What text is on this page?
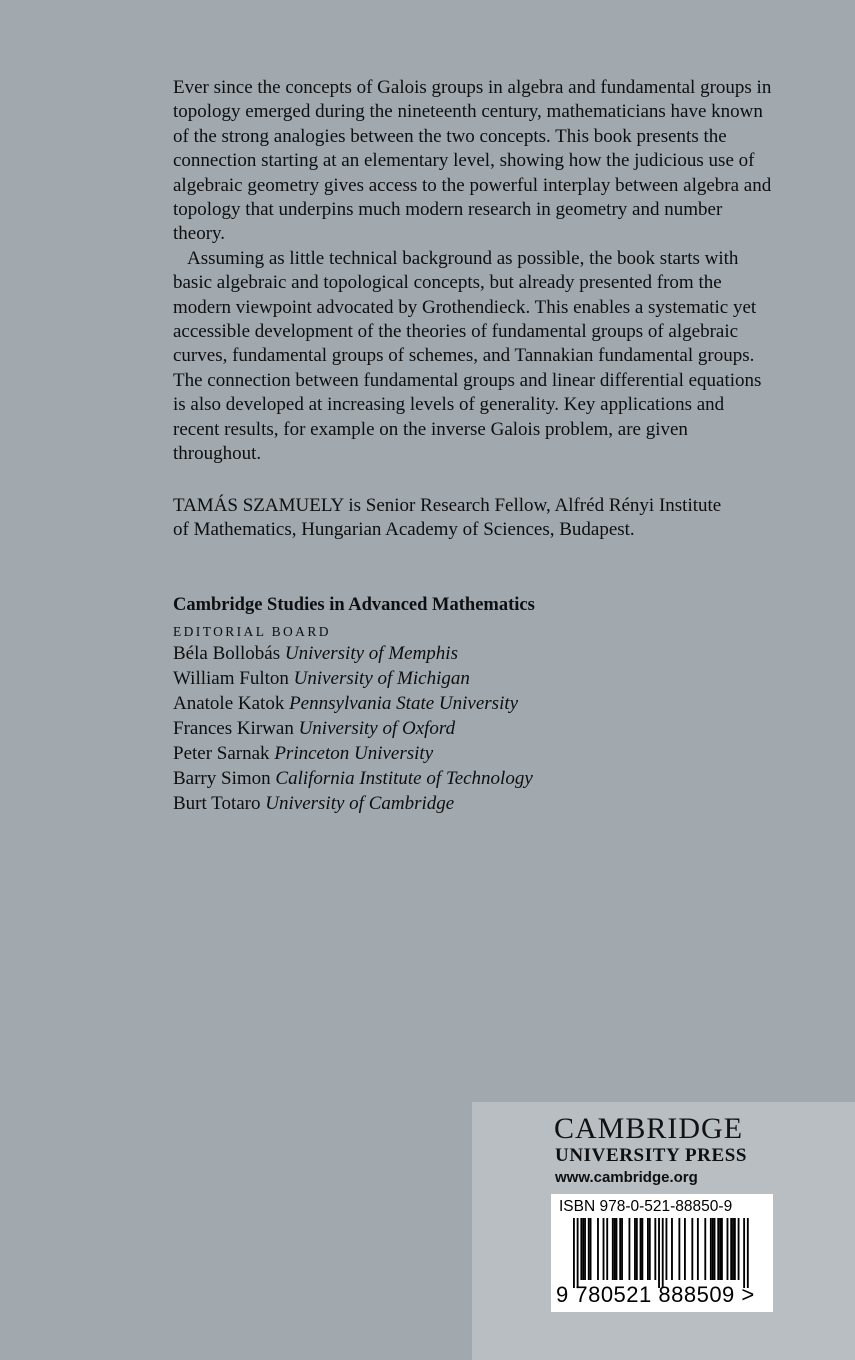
Ever since the concepts of Galois groups in algebra and fundamental groups in topology emerged during the nineteenth century, mathematicians have known of the strong analogies between the two concepts. This book presents the connection starting at an elementary level, showing how the judicious use of algebraic geometry gives access to the powerful interplay between algebra and topology that underpins much modern research in geometry and number theory.

Assuming as little technical background as possible, the book starts with basic algebraic and topological concepts, but already presented from the modern viewpoint advocated by Grothendieck. This enables a systematic yet accessible development of the theories of fundamental groups of algebraic curves, fundamental groups of schemes, and Tannakian fundamental groups. The connection between fundamental groups and linear differential equations is also developed at increasing levels of generality. Key applications and recent results, for example on the inverse Galois problem, are given throughout.

TAMÁS SZAMUELY is Senior Research Fellow, Alfréd Rényi Institute
of Mathematics, Hungarian Academy of Sciences, Budapest.

Cambridge Studies in Advanced Mathematics
EDITORIAL BOARD
Béla Bollobás University of Memphis
William Fulton University of Michigan
Anatole Katok Pennsylvania State University
Frances Kirwan University of Oxford
Peter Sarnak Princeton University
Barry Simon California Institute of Technology
Burt Totaro University of Cambridge
CAMBRIDGE
UNIVERSITY PRESS
www.cambridge.org
ISBN 978-0-521-88850-9
9 780521 888509 >
